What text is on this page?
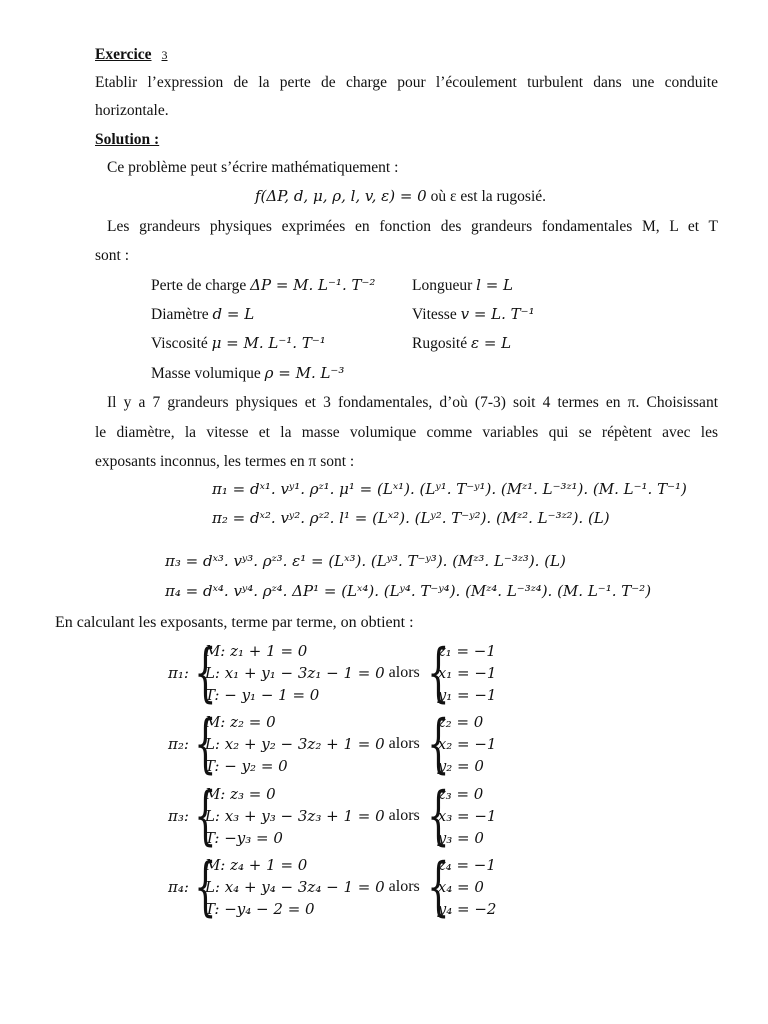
Exercice 3
Etablir l’expression de la perte de charge pour l’écoulement turbulent dans une conduite
horizontale.
Solution :
Ce problème peut s’écrire mathématiquement :
f(ΔP, d, μ, ρ, l, v, ε) = 0 où ε est la rugosié.
Les grandeurs physiques exprimées en fonction des grandeurs fondamentales M, L et T
sont :
Perte de charge ΔP = M. L⁻¹. T⁻² Longueur l = L
Diamètre d = L	Vitesse v = L. T⁻¹
Viscosité μ = M. L⁻¹. T⁻¹	Rugosité ε = L
Masse volumique ρ = M. L⁻³
Il y a 7 grandeurs physiques et 3 fondamentales, d’où (7-3) soit 4 termes en π. Choisissant
le diamètre, la vitesse et la masse volumique comme variables qui se répètent avec les
exposants inconnus, les termes en π sont :
π₁ = dˣ¹. vʸ¹. ρᶻ¹. μ¹ = (Lˣ¹). (Lʸ¹. T⁻ʸ¹). (Mᶻ¹. L⁻³ᶻ¹). (M. L⁻¹. T⁻¹)
π₂ = dˣ². vʸ². ρᶻ². l¹ = (Lˣ²). (Lʸ². T⁻ʸ²). (Mᶻ². L⁻³ᶻ²). (L)
π₃ = dˣ³. vʸ³. ρᶻ³. ε¹ = (Lˣ³). (Lʸ³. T⁻ʸ³). (Mᶻ³. L⁻³ᶻ³). (L)
π₄ = dˣ⁴. vʸ⁴. ρᶻ⁴. ΔP¹ = (Lˣ⁴). (Lʸ⁴. T⁻ʸ⁴). (Mᶻ⁴. L⁻³ᶻ⁴). (M. L⁻¹. T⁻²)
En calculant les exposants, terme par terme, on obtient :
π₁: {
M: z₁ + 1 = 0
L: x₁ + y₁ − 3z₁ − 1 = 0
T: − y₁ − 1 = 0
alors {
z₁ = −1
x₁ = −1
y₁ = −1
π₂: {
M: z₂ = 0
L: x₂ + y₂ − 3z₂ + 1 = 0
T: − y₂ = 0
alors {
z₂ = 0
x₂ = −1
y₂ = 0
π₃: {
M: z₃ = 0
L: x₃ + y₃ − 3z₃ + 1 = 0
T: −y₃ = 0
alors {
z₃ = 0
x₃ = −1
y₃ = 0
π₄: {
M: z₄ + 1 = 0
L: x₄ + y₄ − 3z₄ − 1 = 0
T: −y₄ − 2 = 0
alors {
z₄ = −1
x₄ = 0
y₄ = −2
